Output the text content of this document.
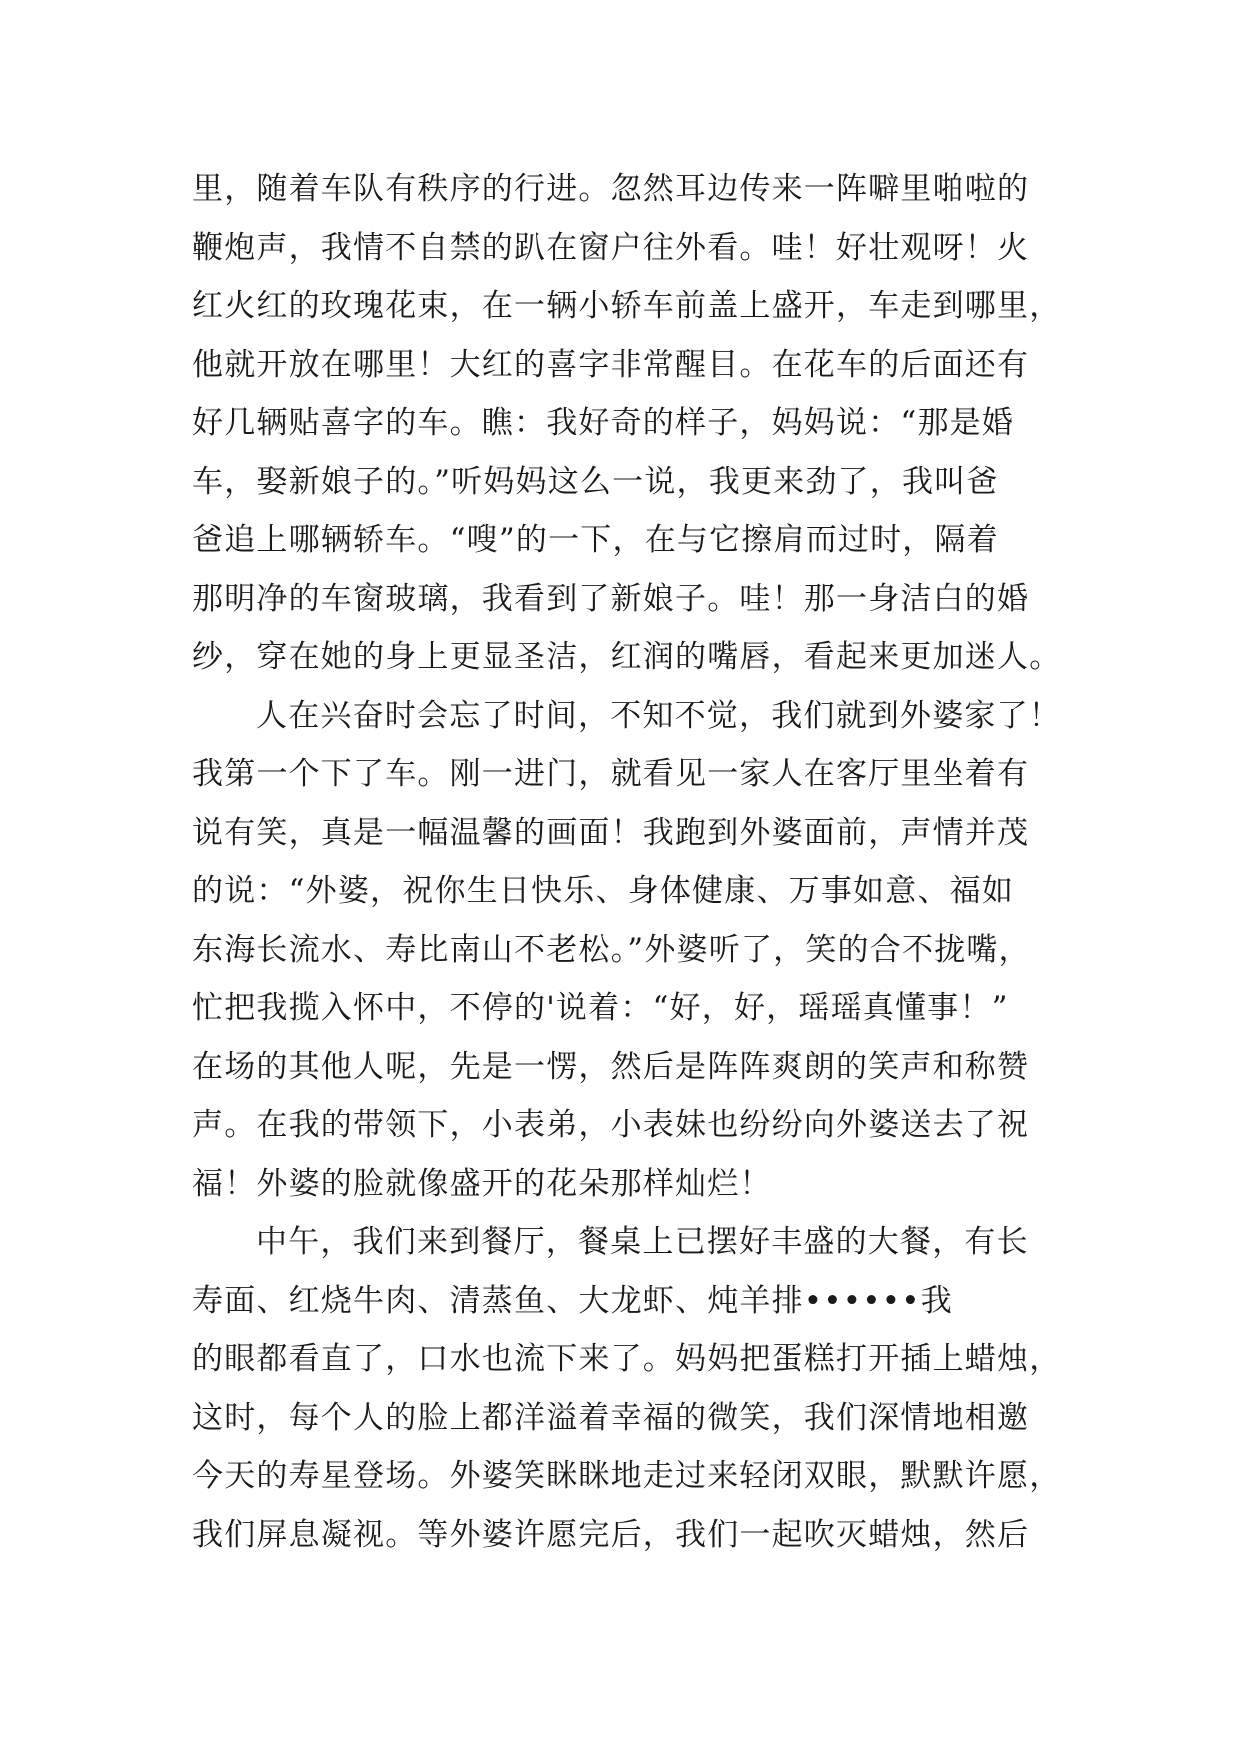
里，随着车队有秩序的行进。忽然耳边传来一阵噼里啪啦的
鞭炮声，我情不自禁的趴在窗户往外看。哇！好壮观呀！火
红火红的玫瑰花束，在一辆小轿车前盖上盛开，车走到哪里，
他就开放在哪里！大红的喜字非常醒目。在花车的后面还有
好几辆贴喜字的车。瞧：我好奇的样子，妈妈说：“那是婚
车，娶新娘子的。”听妈妈这么一说，我更来劲了，我叫爸
爸追上哪辆轿车。“嗖”的一下，在与它擦肩而过时，隔着
那明净的车窗玻璃，我看到了新娘子。哇！那一身洁白的婚
纱，穿在她的身上更显圣洁，红润的嘴唇，看起来更加迷人。
人在兴奋时会忘了时间，不知不觉，我们就到外婆家了！
我第一个下了车。刚一进门，就看见一家人在客厅里坐着有
说有笑，真是一幅温馨的画面！我跑到外婆面前，声情并茂
的说：“外婆，祝你生日快乐、身体健康、万事如意、福如
东海长流水、寿比南山不老松。”外婆听了，笑的合不拢嘴，
忙把我揽入怀中，不停的'说着：“好，好，瑶瑶真懂事！”
在场的其他人呢，先是一愣，然后是阵阵爽朗的笑声和称赞
声。在我的带领下，小表弟，小表妹也纷纷向外婆送去了祝
福！外婆的脸就像盛开的花朵那样灿烂！
中午，我们来到餐厅，餐桌上已摆好丰盛的大餐，有长
寿面、红烧牛肉、清蒸鱼、大龙虾、炖羊排••••••我
的眼都看直了，口水也流下来了。妈妈把蛋糕打开插上蜡烛，
这时，每个人的脸上都洋溢着幸福的微笑，我们深情地相邀
今天的寿星登场。外婆笑眯眯地走过来轻闭双眼，默默许愿，
我们屏息凝视。等外婆许愿完后，我们一起吹灭蜡烛，然后
